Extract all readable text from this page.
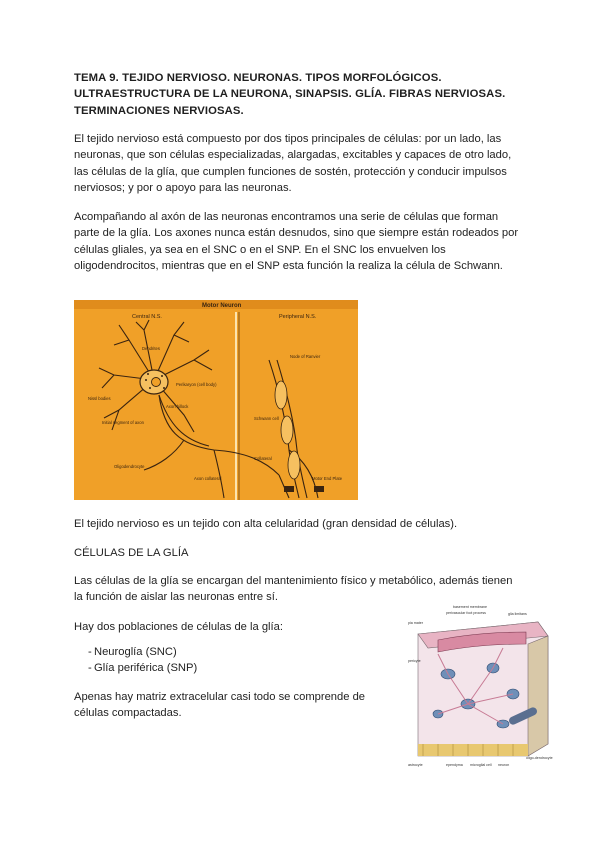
TEMA 9. TEJIDO NERVIOSO. NEURONAS. TIPOS MORFOLÓGICOS. ULTRAESTRUCTURA DE LA NEURONA, SINAPSIS. GLÍA. FIBRAS NERVIOSAS. TERMINACIONES NERVIOSAS.

El tejido nervioso está compuesto por dos tipos principales de células: por un lado, las neuronas, que son células especializadas, alargadas, excitables y capaces de otro lado, las células de la glía, que cumplen funciones de sostén, protección y conducir impulsos nerviosos; y por o apoyo para las neuronas.

Acompañando al axón de las neuronas encontramos una serie de células que forman parte de la glía. Los axones nunca están desnudos, sino que siempre están rodeados por células gliales, ya sea en el SNC o en el SNP. En el SNC los envuelven los oligodendrocitos, mientras que en el SNP esta función la realiza la célula de Schwann.

Motor Neuron
Central N.S.	Peripheral N.S.
Dendrites
Perikaryon (cell body)
Nissl bodies
Axon hillock
Initial segment of axon
Oligodendrocyte
Axon collateral
Node of Ranvier
Schwann cell
Collateral
Motor End Plate

El tejido nervioso es un tejido con alta celularidad (gran densidad de células).

CÉLULAS DE LA GLÍA

Las células de la glía se encargan del mantenimiento físico y metabólico, además tienen la función de aislar las neuronas entre sí.

Hay dos poblaciones de células de la glía:

- Neuroglía (SNC)
- Glía periférica (SNP)

Apenas hay matriz extracelular casi todo se comprende de células compactadas.

basement membrane
perivascular foot process	glia limitans
pia mater
pericyte
astrocyte	ependyma microglial cell neuron
oligo-dendrocyte
